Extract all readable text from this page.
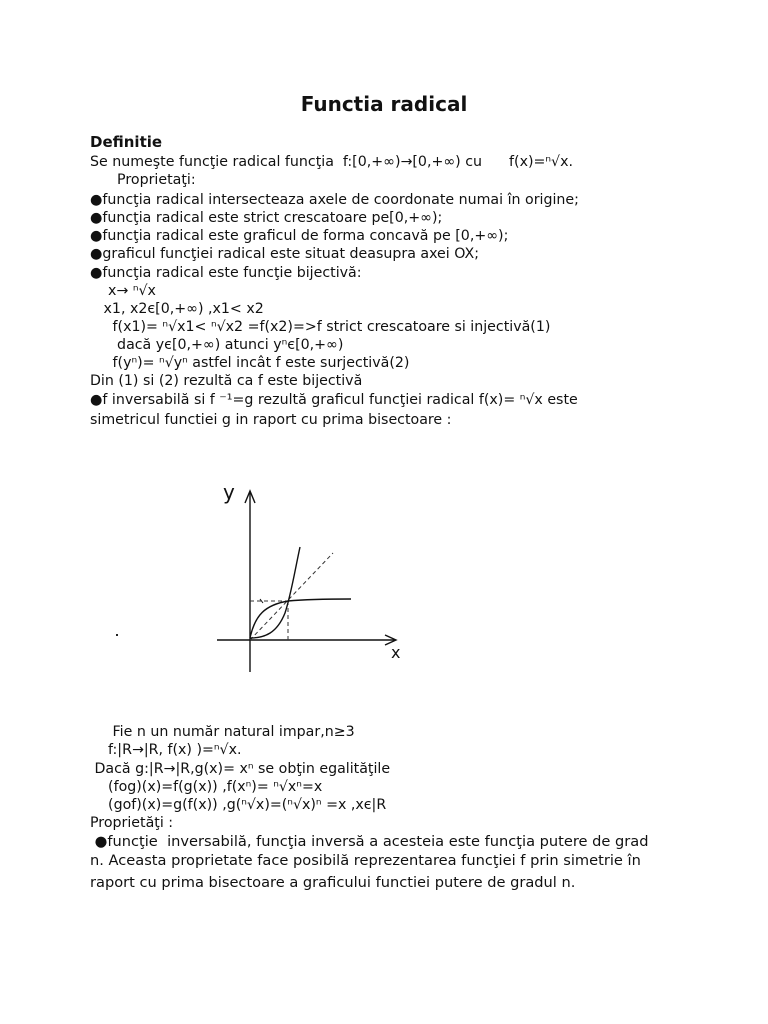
Functia radical
Definitie
Se numeşte funcţie radical funcţia  f:[0,+∞)→[0,+∞) cu      f(x)=ⁿ√x.
Proprietaţi:
●funcţia radical intersecteaza axele de coordonate numai în origine;
●funcţia radical este strict crescatoare pe[0,+∞);
●funcţia radical este graficul de forma concavă pe [0,+∞);
●graficul funcţiei radical este situat deasupra axei OX;
●funcţia radical este funcţie bijectivă:
x→ ⁿ√x
x1, x2є[0,+∞) ,x1< x2
f(x1)= ⁿ√x1< ⁿ√x2 =f(x2)=>f strict crescatoare si injectivă(1)
dacă yє[0,+∞) atunci yⁿє[0,+∞)
f(yⁿ)= ⁿ√yⁿ astfel incât f este surjectivă(2)
Din (1) si (2) rezultă ca f este bijectivă
●f inversabilă si f ⁻¹=g rezultă graficul funcţiei radical f(x)= ⁿ√x este
simetricul functiei g in raport cu prima bisectoare :
y
x
Fie n un număr natural impar,n≥3
f:|R→|R, f(x) )=ⁿ√x.
Dacă g:|R→|R,g(x)= xⁿ se obţin egalităţile
(fog)(x)=f(g(x)) ,f(xⁿ)= ⁿ√xⁿ=x
(gof)(x)=g(f(x)) ,g(ⁿ√x)=(ⁿ√x)ⁿ =x ,xє|R
Proprietăţi :
●funcţie  inversabilă, funcţia inversă a acesteia este funcţia putere de grad
n. Aceasta proprietate face posibilă reprezentarea funcţiei f prin simetrie în
raport cu prima bisectoare a graficului functiei putere de gradul n.
